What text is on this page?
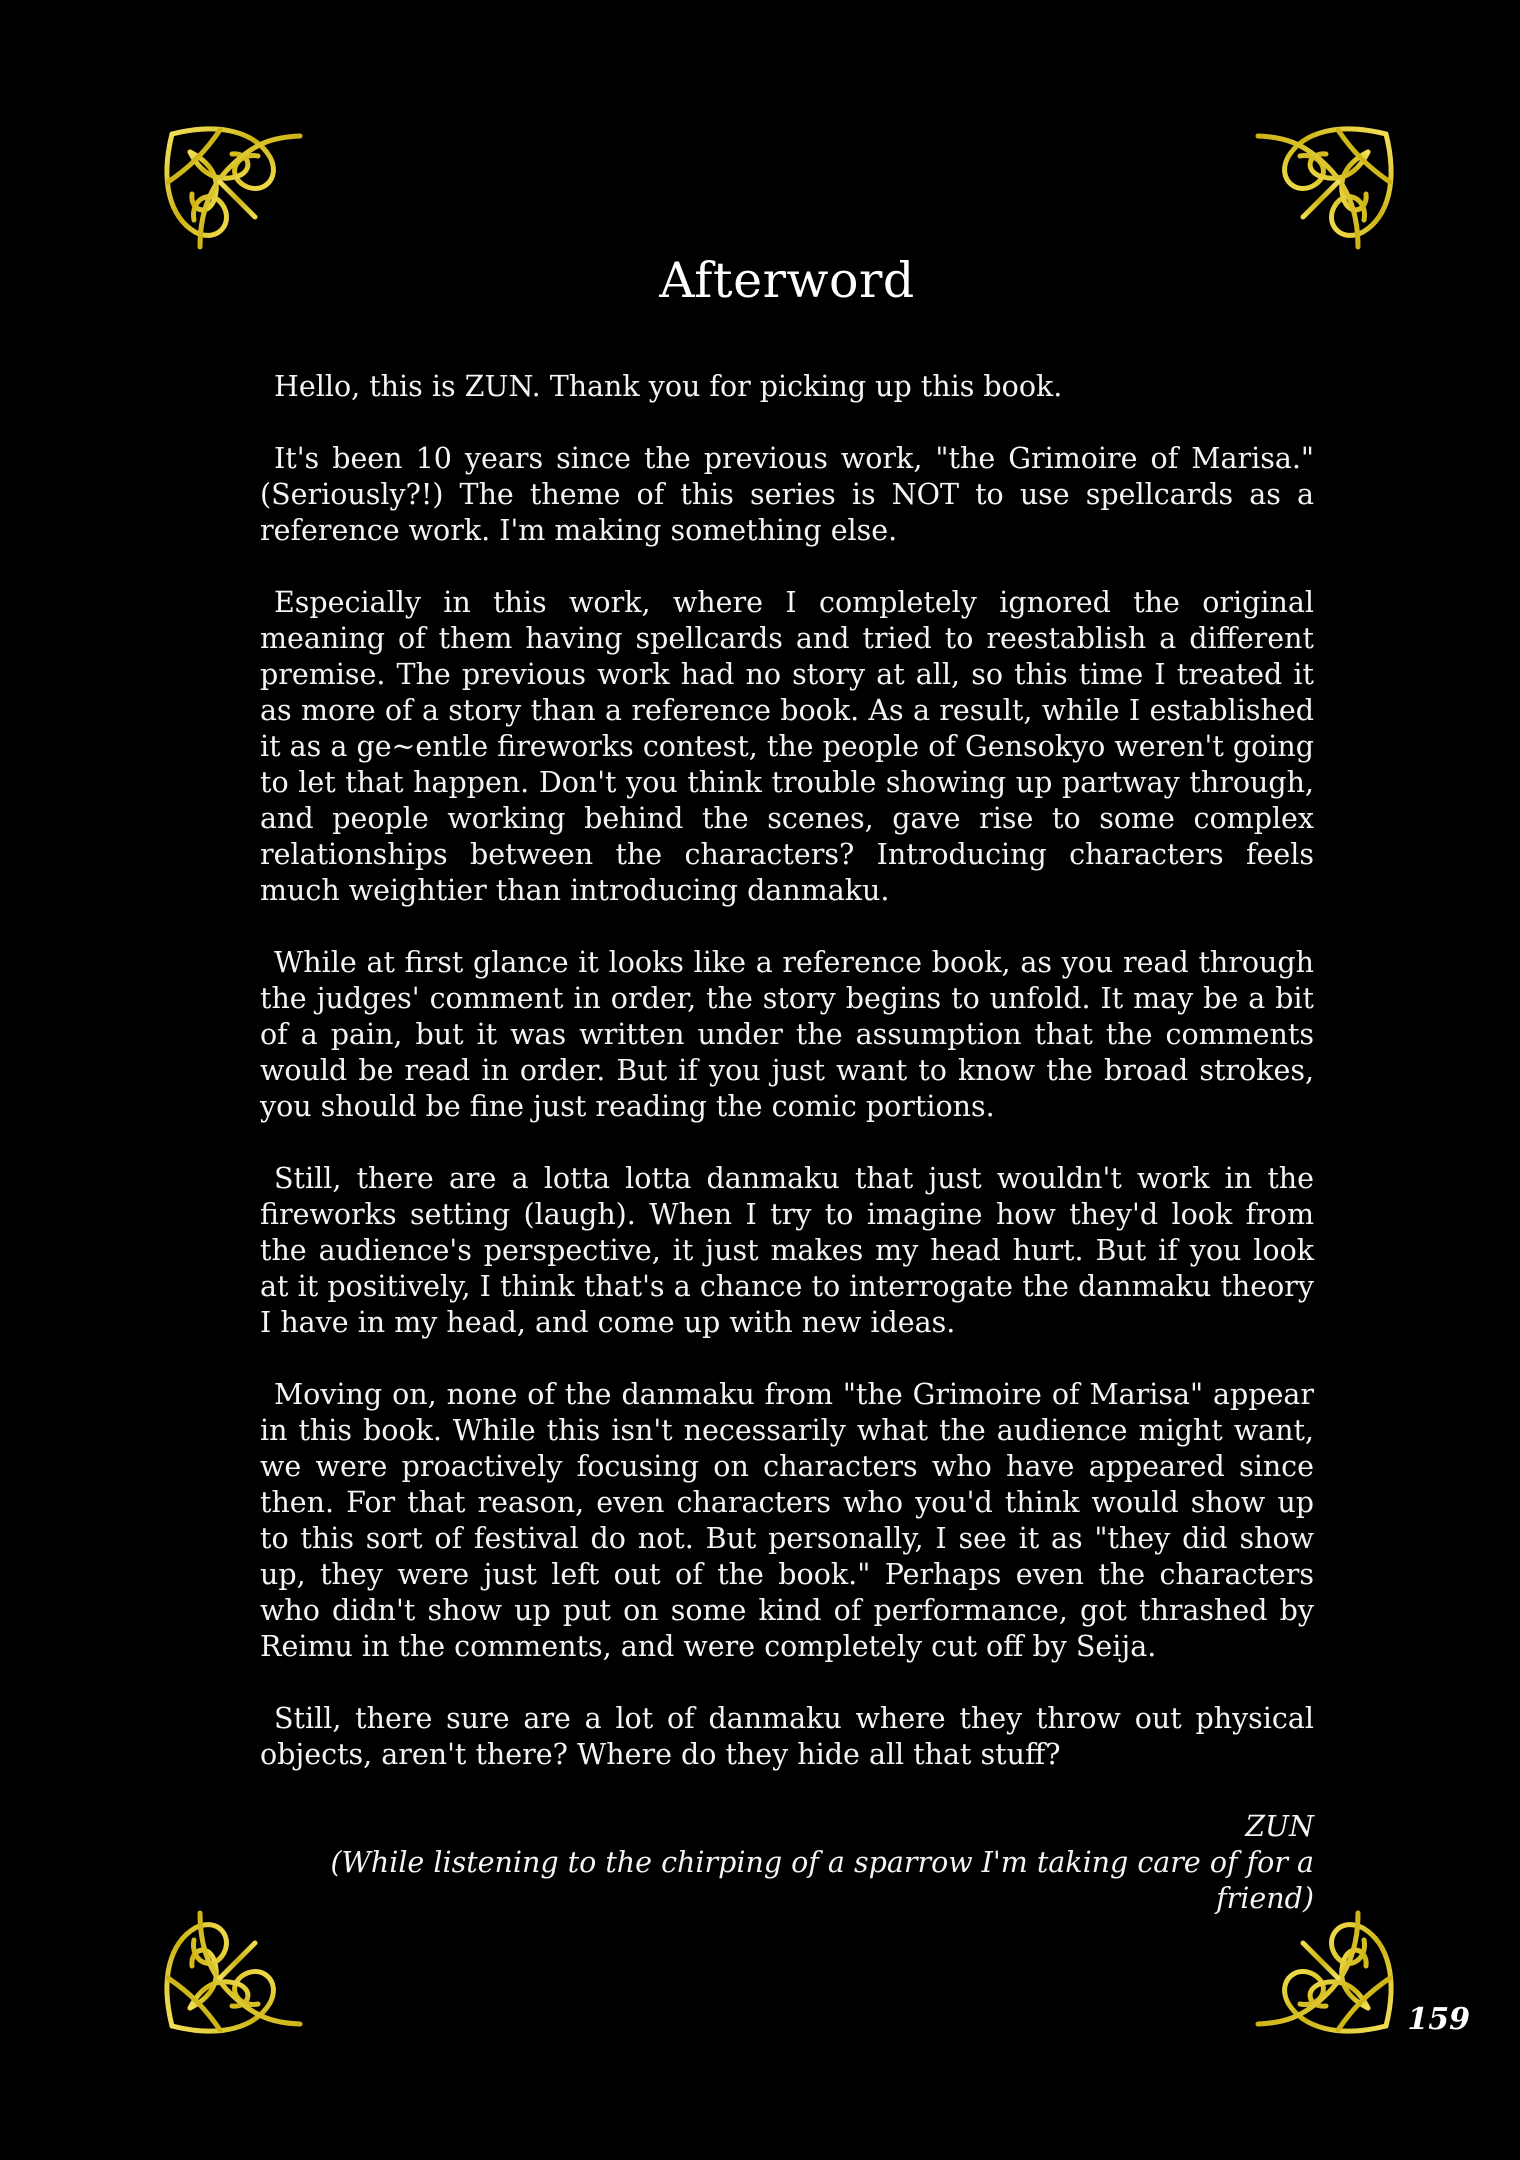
Afterword

Hello, this is ZUN. Thank you for picking up this book.

It's been 10 years since the previous work, "the Grimoire of Marisa." (Seriously?!) The theme of this series is NOT to use spellcards as a reference work. I'm making something else.

Especially in this work, where I completely ignored the original meaning of them having spellcards and tried to reestablish a different premise. The previous work had no story at all, so this time I treated it as more of a story than a reference book. As a result, while I established it as a ge~entle fireworks contest, the people of Gensokyo weren't going to let that happen. Don't you think trouble showing up partway through, and people working behind the scenes, gave rise to some complex relationships between the characters? Introducing characters feels much weightier than introducing danmaku.

While at first glance it looks like a reference book, as you read through the judges' comment in order, the story begins to unfold. It may be a bit of a pain, but it was written under the assumption that the comments would be read in order. But if you just want to know the broad strokes, you should be fine just reading the comic portions.

Still, there are a lotta lotta danmaku that just wouldn't work in the fireworks setting (laugh). When I try to imagine how they'd look from the audience's perspective, it just makes my head hurt. But if you look at it positively, I think that's a chance to interrogate the danmaku theory I have in my head, and come up with new ideas.

Moving on, none of the danmaku from "the Grimoire of Marisa" appear in this book. While this isn't necessarily what the audience might want, we were proactively focusing on characters who have appeared since then. For that reason, even characters who you'd think would show up to this sort of festival do not. But personally, I see it as "they did show up, they were just left out of the book." Perhaps even the characters who didn't show up put on some kind of performance, got thrashed by Reimu in the comments, and were completely cut off by Seija.

Still, there sure are a lot of danmaku where they throw out physical objects, aren't there? Where do they hide all that stuff?

ZUN
(While listening to the chirping of a sparrow I'm taking care of for a friend)
159
